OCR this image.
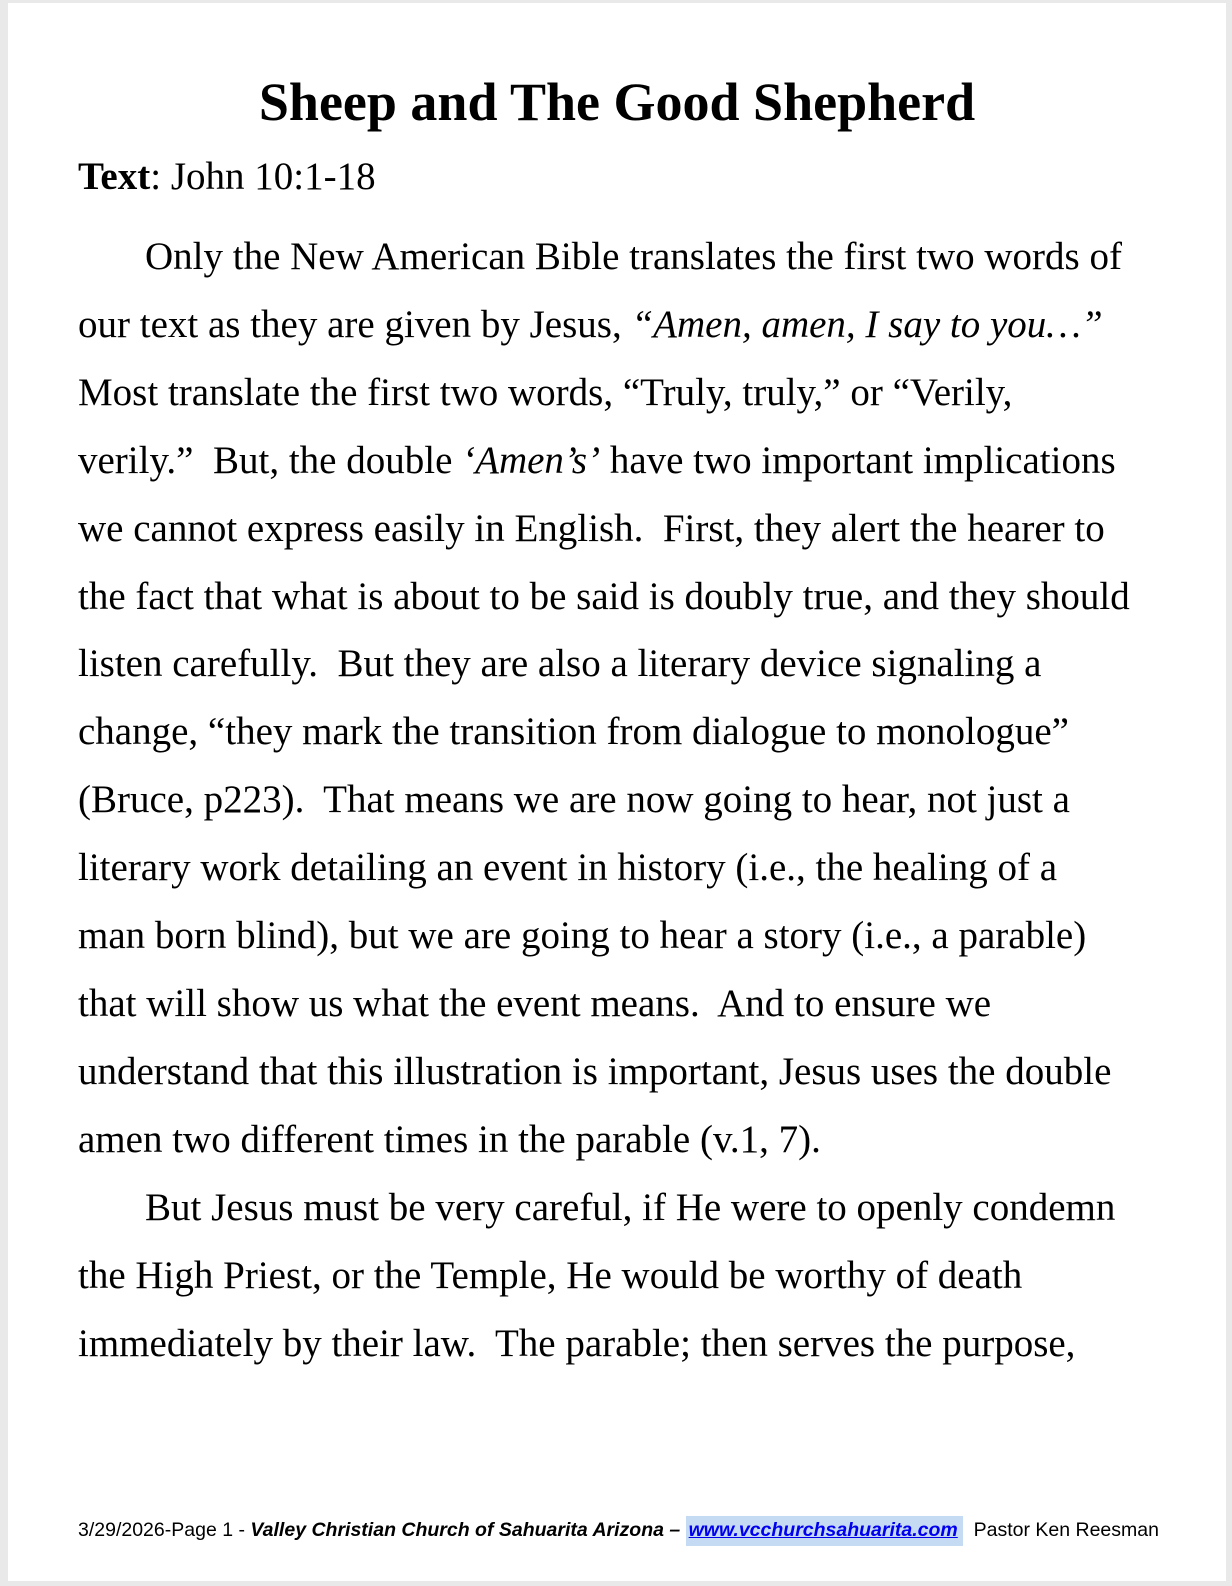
Sheep and The Good Shepherd
Text: John 10:1-18
Only the New American Bible translates the first two words of
our text as they are given by Jesus, “Amen, amen, I say to you…”
Most translate the first two words, “Truly, truly,” or “Verily,
verily.”  But, the double ‘Amen’s’ have two important implications
we cannot express easily in English.  First, they alert the hearer to
the fact that what is about to be said is doubly true, and they should
listen carefully.  But they are also a literary device signaling a
change, “they mark the transition from dialogue to monologue”
(Bruce, p223).  That means we are now going to hear, not just a
literary work detailing an event in history (i.e., the healing of a
man born blind), but we are going to hear a story (i.e., a parable)
that will show us what the event means.  And to ensure we
understand that this illustration is important, Jesus uses the double
amen two different times in the parable (v.1, 7).
But Jesus must be very careful, if He were to openly condemn
the High Priest, or the Temple, He would be worthy of death
immediately by their law.  The parable; then serves the purpose,
3/29/2026-Page 1 - Valley Christian Church of Sahuarita Arizona – www.vcchurchsahuarita.com  Pastor Ken Reesman
